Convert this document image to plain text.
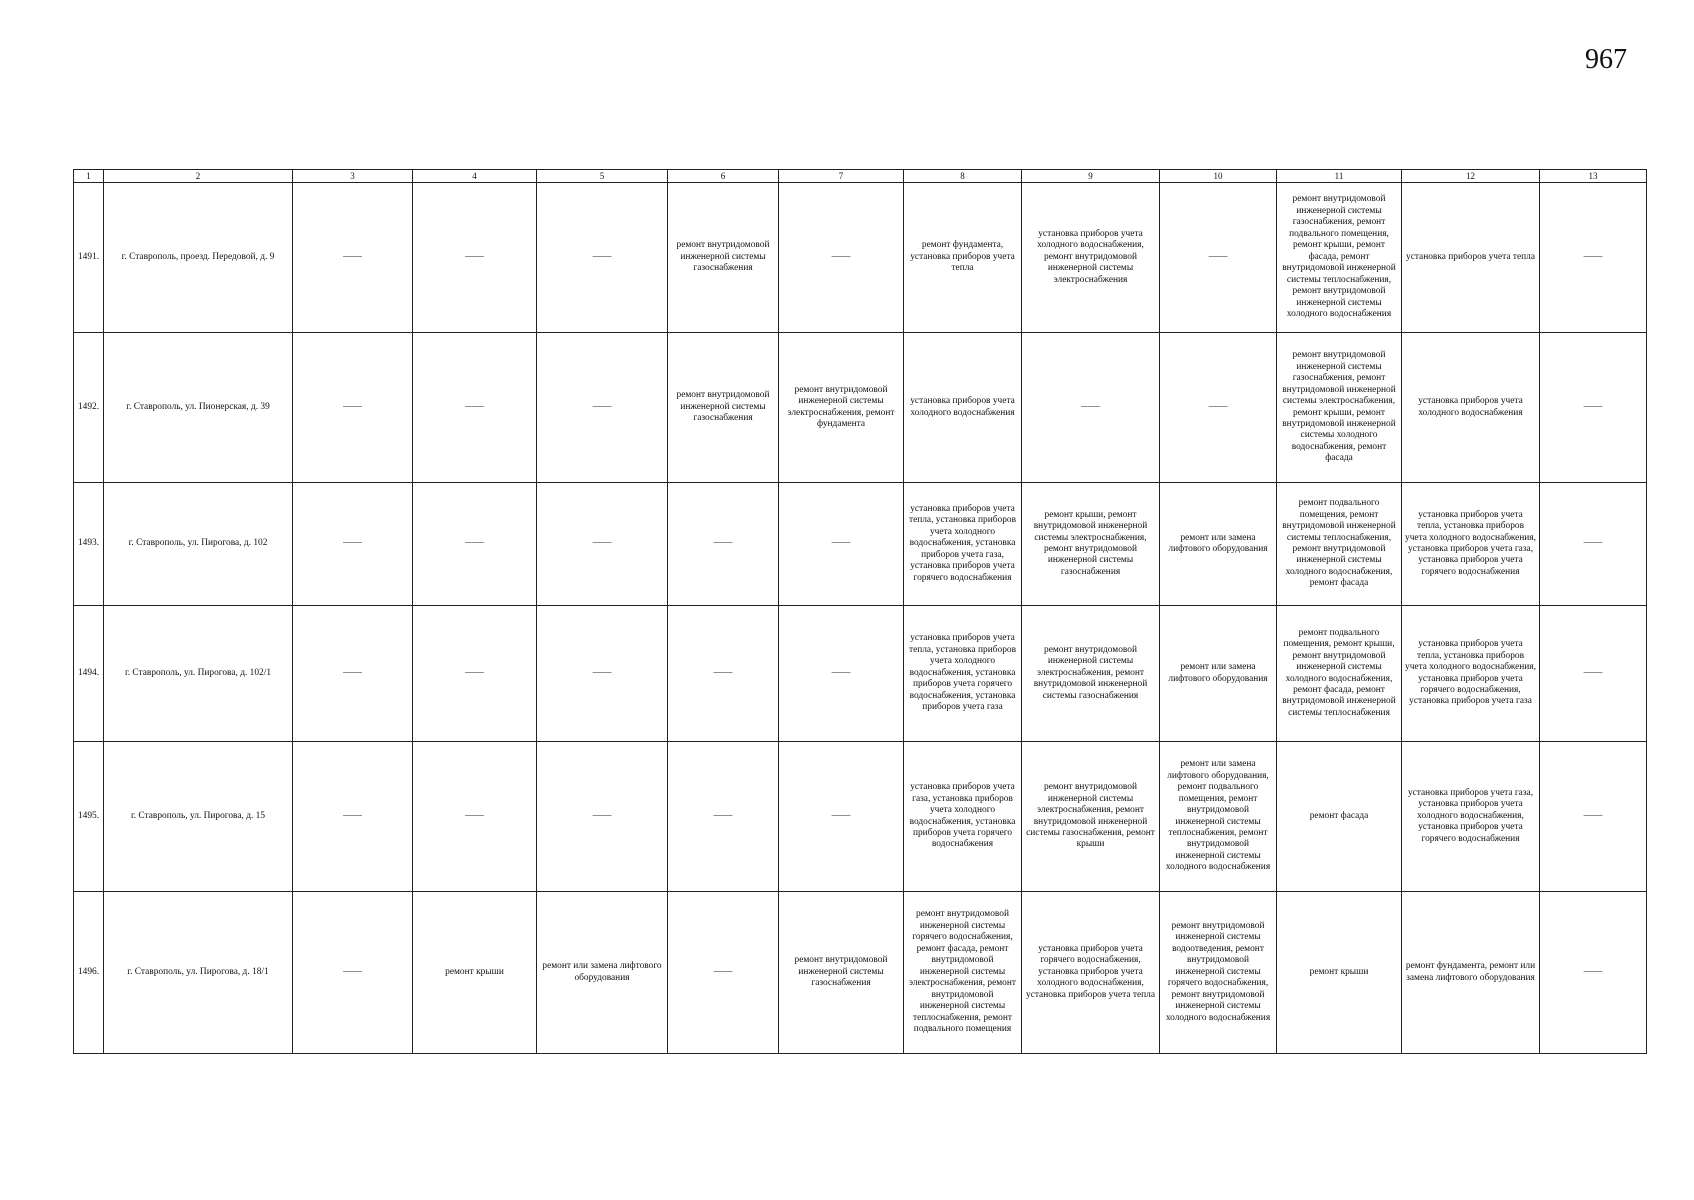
967
1	2	3	4	5	6	7	8	9	10	11	12	13
1491.	г. Ставрополь, проезд. Передовой, д. 9	——	——	——	ремонт внутридомовой инженерной системы газоснабжения	——	ремонт фундамента, установка приборов учета тепла	установка приборов учета холодного водоснабжения, ремонт внутридомовой инженерной системы электроснабжения	——	ремонт внутридомовой инженерной системы газоснабжения, ремонт подвального помещения, ремонт крыши, ремонт фасада, ремонт внутридомовой инженерной системы теплоснабжения, ремонт внутридомовой инженерной системы холодного водоснабжения	установка приборов учета тепла	——
1492.	г. Ставрополь, ул. Пионерская, д. 39	——	——	——	ремонт внутридомовой инженерной системы газоснабжения	ремонт внутридомовой инженерной системы электроснабжения, ремонт фундамента	установка приборов учета холодного водоснабжения	——	——	ремонт внутридомовой инженерной системы газоснабжения, ремонт внутридомовой инженерной системы электроснабжения, ремонт крыши, ремонт внутридомовой инженерной системы холодного водоснабжения, ремонт фасада	установка приборов учета холодного водоснабжения	——
1493.	г. Ставрополь, ул. Пирогова, д. 102	——	——	——	——	——	установка приборов учета тепла, установка приборов учета холодного водоснабжения, установка приборов учета газа, установка приборов учета горячего водоснабжения	ремонт крыши, ремонт внутридомовой инженерной системы электроснабжения, ремонт внутридомовой инженерной системы газоснабжения	ремонт или замена лифтового оборудования	ремонт подвального помещения, ремонт внутридомовой инженерной системы теплоснабжения, ремонт внутридомовой инженерной системы холодного водоснабжения, ремонт фасада	установка приборов учета тепла, установка приборов учета холодного водоснабжения, установка приборов учета газа, установка приборов учета горячего водоснабжения	——
1494.	г. Ставрополь, ул. Пирогова, д. 102/1	——	——	——	——	——	установка приборов учета тепла, установка приборов учета холодного водоснабжения, установка приборов учета горячего водоснабжения, установка приборов учета газа	ремонт внутридомовой инженерной системы электроснабжения, ремонт внутридомовой инженерной системы газоснабжения	ремонт или замена лифтового оборудования	ремонт подвального помещения, ремонт крыши, ремонт внутридомовой инженерной системы холодного водоснабжения, ремонт фасада, ремонт внутридомовой инженерной системы теплоснабжения	установка приборов учета тепла, установка приборов учета холодного водоснабжения, установка приборов учета горячего водоснабжения, установка приборов учета газа	——
1495.	г. Ставрополь, ул. Пирогова, д. 15	——	——	——	——	——	установка приборов учета газа, установка приборов учета холодного водоснабжения, установка приборов учета горячего водоснабжения	ремонт внутридомовой инженерной системы электроснабжения, ремонт внутридомовой инженерной системы газоснабжения, ремонт крыши	ремонт или замена лифтового оборудования, ремонт подвального помещения, ремонт внутридомовой инженерной системы теплоснабжения, ремонт внутридомовой инженерной системы холодного водоснабжения	ремонт фасада	установка приборов учета газа, установка приборов учета холодного водоснабжения, установка приборов учета горячего водоснабжения	——
1496.	г. Ставрополь, ул. Пирогова, д. 18/1	——	ремонт крыши	ремонт или замена лифтового оборудования	——	ремонт внутридомовой инженерной системы газоснабжения	ремонт внутридомовой инженерной системы горячего водоснабжения, ремонт фасада, ремонт внутридомовой инженерной системы электроснабжения, ремонт внутридомовой инженерной системы теплоснабжения, ремонт подвального помещения	установка приборов учета горячего водоснабжения, установка приборов учета холодного водоснабжения, установка приборов учета тепла	ремонт внутридомовой инженерной системы водоотведения, ремонт внутридомовой инженерной системы горячего водоснабжения, ремонт внутридомовой инженерной системы холодного водоснабжения	ремонт крыши	ремонт фундамента, ремонт или замена лифтового оборудования	——
